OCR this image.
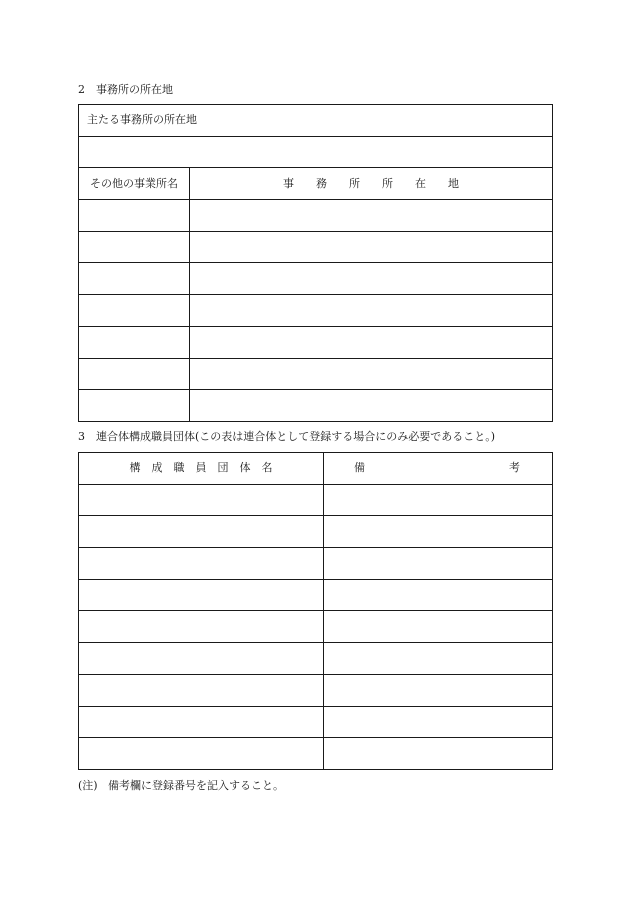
2 事務所の所在地
主たる事務所の所在地	

その他の事業所名	事　　務　　所　　所　　在　　地

3 連合体構成職員団体(この表は連合体として登録する場合にのみ必要であること。)
構　成　職　員　団　体　名	備 考

(注) 備考欄に登録番号を記入すること。
